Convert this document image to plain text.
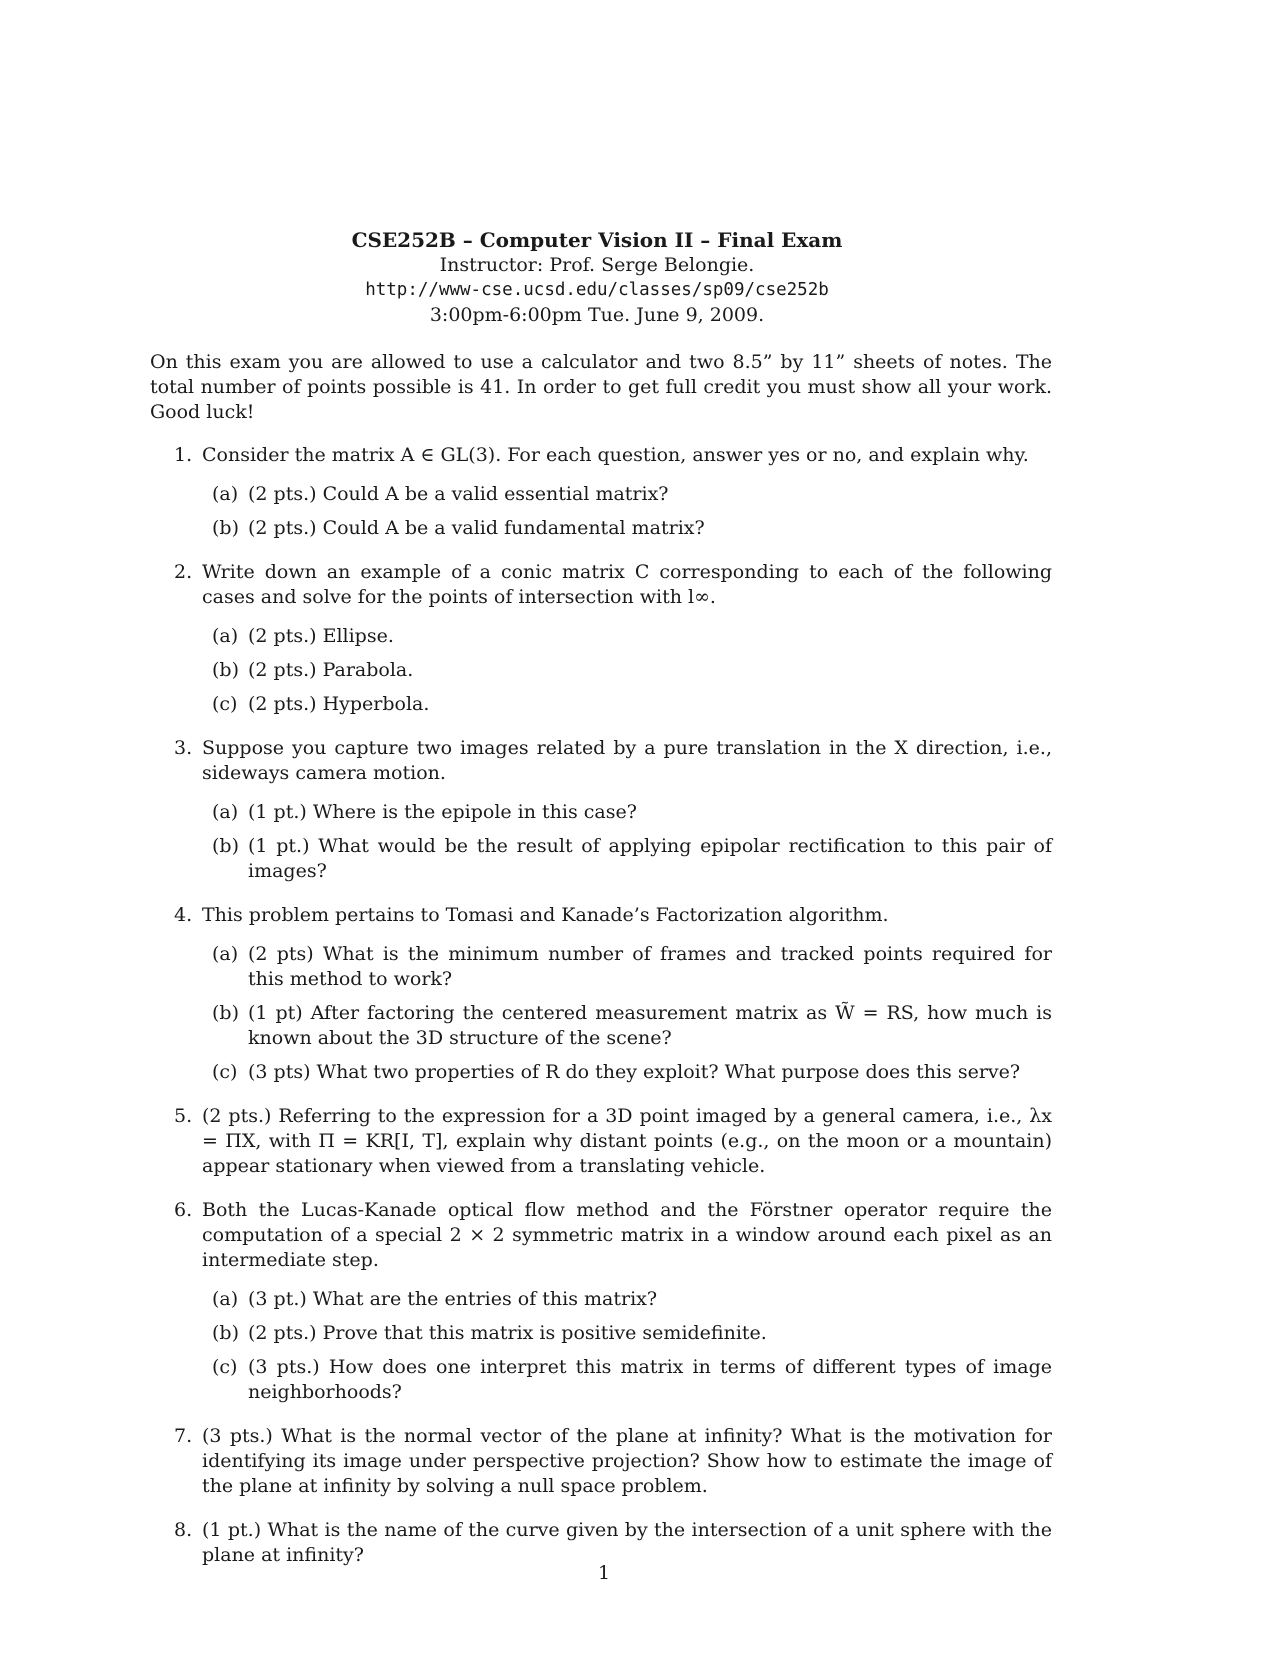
CSE252B – Computer Vision II – Final Exam
Instructor: Prof. Serge Belongie.
http://www-cse.ucsd.edu/classes/sp09/cse252b
3:00pm-6:00pm Tue. June 9, 2009.
On this exam you are allowed to use a calculator and two 8.5” by 11” sheets of notes. The total number of points possible is 41. In order to get full credit you must show all your work. Good luck!
1. Consider the matrix A ∈ GL(3). For each question, answer yes or no, and explain why.
(a) (2 pts.) Could A be a valid essential matrix?
(b) (2 pts.) Could A be a valid fundamental matrix?
2. Write down an example of a conic matrix C corresponding to each of the following cases and solve for the points of intersection with l∞.
(a) (2 pts.) Ellipse.
(b) (2 pts.) Parabola.
(c) (2 pts.) Hyperbola.
3. Suppose you capture two images related by a pure translation in the X direction, i.e., sideways camera motion.
(a) (1 pt.) Where is the epipole in this case?
(b) (1 pt.) What would be the result of applying epipolar rectification to this pair of images?
4. This problem pertains to Tomasi and Kanade’s Factorization algorithm.
(a) (2 pts) What is the minimum number of frames and tracked points required for this method to work?
(b) (1 pt) After factoring the centered measurement matrix as W̃ = RS, how much is known about the 3D structure of the scene?
(c) (3 pts) What two properties of R do they exploit? What purpose does this serve?
5. (2 pts.) Referring to the expression for a 3D point imaged by a general camera, i.e., λx = ΠX, with Π = KR[I, T], explain why distant points (e.g., on the moon or a mountain) appear stationary when viewed from a translating vehicle.
6. Both the Lucas-Kanade optical flow method and the Förstner operator require the computation of a special 2 × 2 symmetric matrix in a window around each pixel as an intermediate step.
(a) (3 pt.) What are the entries of this matrix?
(b) (2 pts.) Prove that this matrix is positive semidefinite.
(c) (3 pts.) How does one interpret this matrix in terms of different types of image neighborhoods?
7. (3 pts.) What is the normal vector of the plane at infinity? What is the motivation for identifying its image under perspective projection? Show how to estimate the image of the plane at infinity by solving a null space problem.
8. (1 pt.) What is the name of the curve given by the intersection of a unit sphere with the plane at infinity?
1
